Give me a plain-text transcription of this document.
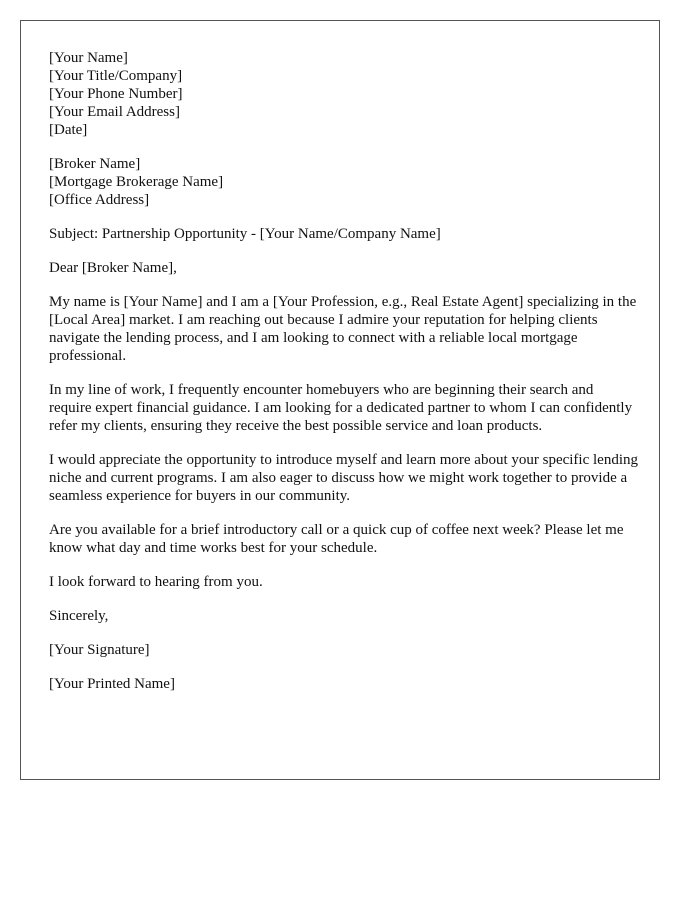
[Your Name]
[Your Title/Company]
[Your Phone Number]
[Your Email Address]
[Date]
[Broker Name]
[Mortgage Brokerage Name]
[Office Address]

Subject: Partnership Opportunity - [Your Name/Company Name]

Dear [Broker Name],

My name is [Your Name] and I am a [Your Profession, e.g., Real Estate Agent] specializing in the [Local Area] market. I am reaching out because I admire your reputation for helping clients navigate the lending process, and I am looking to connect with a reliable local mortgage professional.

In my line of work, I frequently encounter homebuyers who are beginning their search and require expert financial guidance. I am looking for a dedicated partner to whom I can confidently refer my clients, ensuring they receive the best possible service and loan products.

I would appreciate the opportunity to introduce myself and learn more about your specific lending niche and current programs. I am also eager to discuss how we might work together to provide a seamless experience for buyers in our community.

Are you available for a brief introductory call or a quick cup of coffee next week? Please let me know what day and time works best for your schedule.

I look forward to hearing from you.

Sincerely,

[Your Signature]

[Your Printed Name]
